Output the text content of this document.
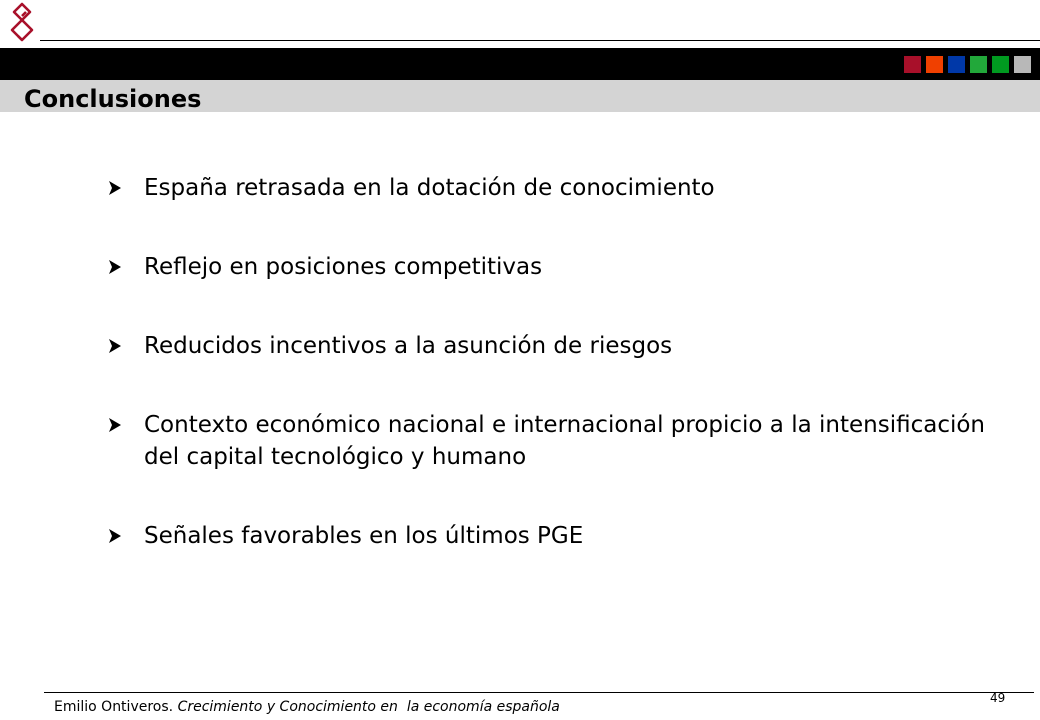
Conclusiones
España retrasada en la dotación de conocimiento
Reflejo en posiciones competitivas
Reducidos incentivos a la asunción de riesgos
Contexto económico nacional e internacional propicio a la intensificación del capital tecnológico y humano
Señales favorables en los últimos PGE
Emilio Ontiveros. Crecimiento y Conocimiento en  la economía española
49
